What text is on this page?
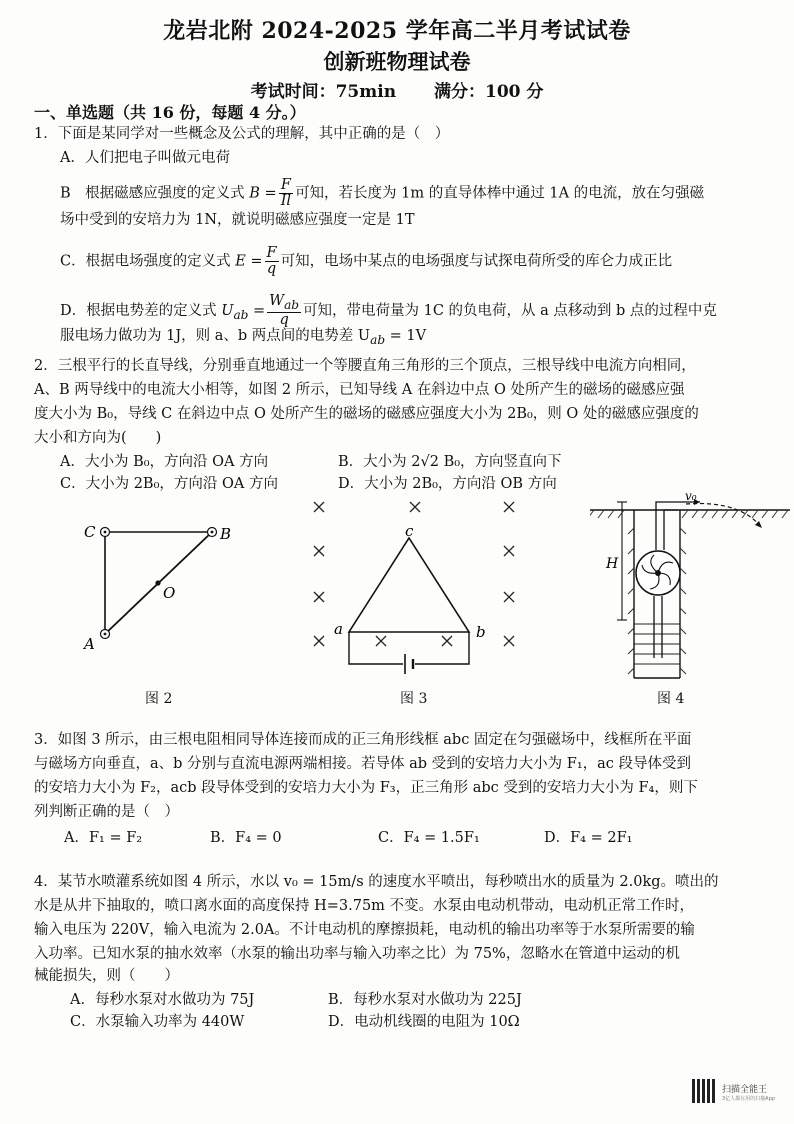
龙岩北附 2024-2025 学年高二半月考试试卷
创新班物理试卷
考试时间：75min 满分：100 分
一、单选题（共 16 份，每题 4 分。）
1．下面是某同学对一些概念及公式的理解，其中正确的是（　）
A．人们把电子叫做元电荷
B　根据磁感应强度的定义式 $B = \frac{F}{Il}$ 可知，若长度为 1m 的直导体棒中通过 1A 的电流，放在匀强磁
场中受到的安培力为 1N，就说明磁感应强度一定是 1T
C．根据电场强度的定义式 $E = \frac{F}{q}$ 可知，电场中某点的电场强度与试探电荷所受的库仑力成正比
D．根据电势差的定义式 $U_{ab} = \frac{W_{ab}}{q}$ 可知，带电荷量为 1C 的负电荷，从 a 点移动到 b 点的过程中克
服电场力做功为 1J，则 a、b 两点间的电势差 $U_{ab} = 1V$
2．三根平行的长直导线，分别垂直地通过一个等腰直角三角形的三个顶点，三根导线中电流方向相同，
A、B 两导线中的电流大小相等，如图 2 所示，已知导线 A 在斜边中点 O 处所产生的磁场的磁感应强
度大小为 B₀，导线 C 在斜边中点 O 处所产生的磁场的磁感应强度大小为 2B₀，则 O 处的磁感应强度的
大小和方向为(　　)
A．大小为 B₀，方向沿 OA 方向	B．大小为 2√2 B₀，方向竖直向下
C．大小为 2B₀，方向沿 OA 方向	D．大小为 2B₀，方向沿 OB 方向
C	B
O
A
图 2
c
a	b
图 3
v₀
H
图 4
3．如图 3 所示，由三根电阻相同导体连接而成的正三角形线框 abc 固定在匀强磁场中，线框所在平面
与磁场方向垂直，a、b 分别与直流电源两端相接。若导体 ab 受到的安培力大小为 F₁，ac 段导体受到
的安培力大小为 F₂，acb 段导体受到的安培力大小为 F₃，正三角形 abc 受到的安培力大小为 F₄，则下
列判断正确的是（　）
A．F₁ = F₂	B．F₄ = 0	C．F₄ = 1.5F₁	D．F₄ = 2F₁
4．某节水喷灌系统如图 4 所示，水以 v₀ = 15m/s 的速度水平喷出，每秒喷出水的质量为 2.0kg。喷出的
水是从井下抽取的，喷口离水面的高度保持 H=3.75m 不变。水泵由电动机带动，电动机正常工作时，
输入电压为 220V，输入电流为 2.0A。不计电动机的摩擦损耗，电动机的输出功率等于水泵所需要的输
入功率。已知水泵的抽水效率（水泵的输出功率与输入功率之比）为 75%，忽略水在管道中运动的机
械能损失，则（　　）
A．每秒水泵对水做功为 75J	B．每秒水泵对水做功为 225J
C．水泵输入功率为 440W	D．电动机线圈的电阻为 10Ω
扫描全能王
3亿人都在用的扫描App
